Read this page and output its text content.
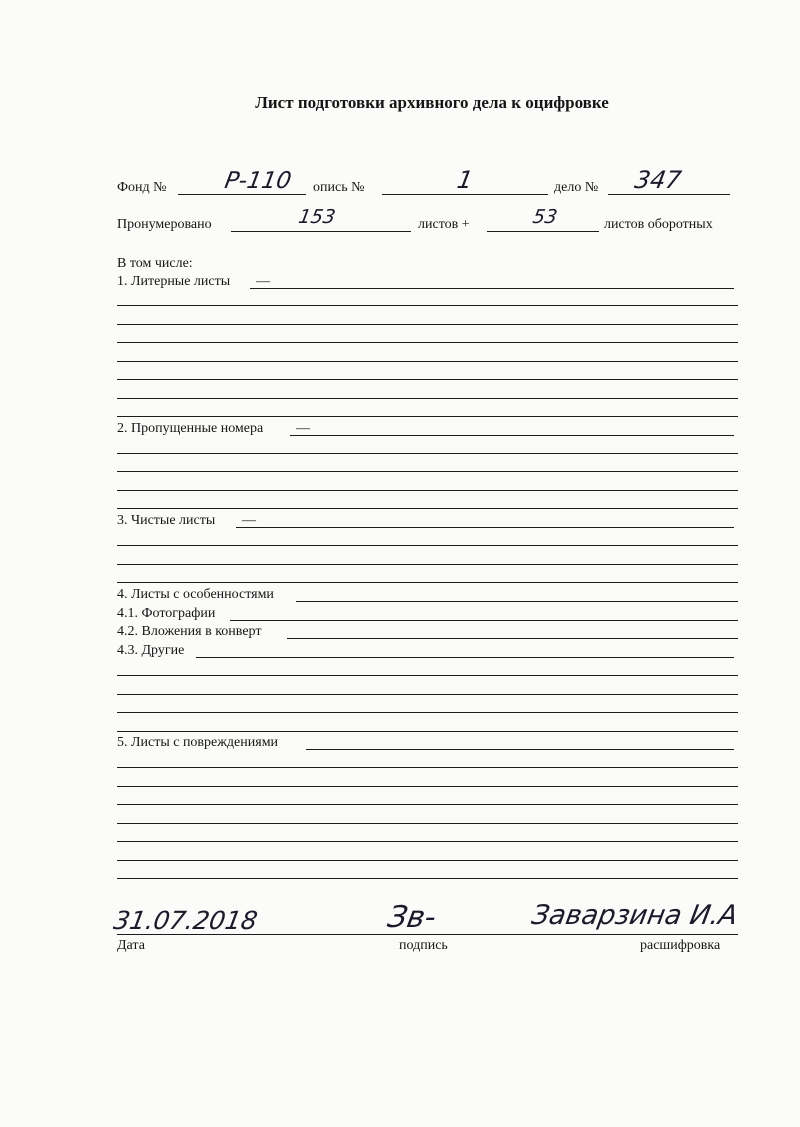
Лист подготовки архивного дела к оцифровке
Фонд №	Р-110	опись №	1	дело №	347
Пронумеровано	153	листов +	53	листов оборотных
В том числе:
1. Литерные листы —
2. Пропущенные номера —
3. Чистые листы —
4. Листы с особенностями
4.1. Фотографии
4.2. Вложения в конверт
4.3. Другие
5. Листы с повреждениями
31.07.2018	Зв-	Заварзина И.А
Дата	подпись	расшифровка
